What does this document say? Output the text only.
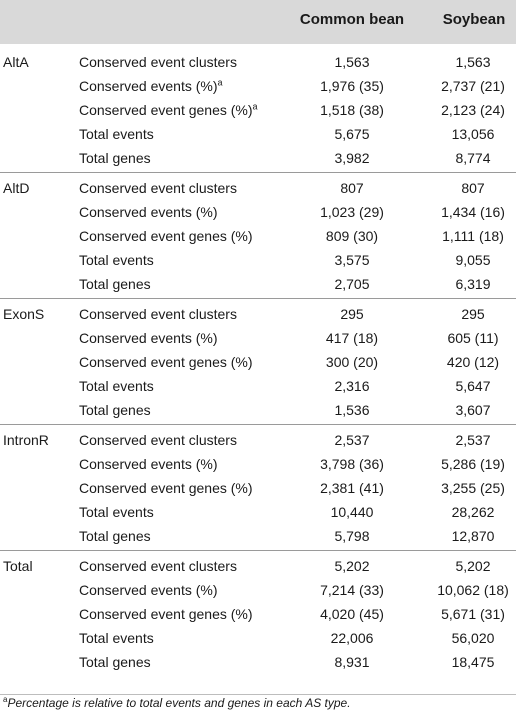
Common bean	Soybean
AltA	Conserved event clusters	1,563	1,563
Conserved events (%)$^a$	1,976 (35)	2,737 (21)
Conserved event genes (%)$^a$	1,518 (38)	2,123 (24)
Total events	5,675	13,056
Total genes	3,982	8,774
AltD	Conserved event clusters	807	807
Conserved events (%)	1,023 (29)	1,434 (16)
Conserved event genes (%)	809 (30)	1,111 (18)
Total events	3,575	9,055
Total genes	2,705	6,319
ExonS Conserved event clusters	295	295
Conserved events (%)	417 (18)	605 (11)
Conserved event genes (%)	300 (20)	420 (12)
Total events	2,316	5,647
Total genes	1,536	3,607
IntronR Conserved event clusters	2,537	2,537
Conserved events (%)	3,798 (36)	5,286 (19)
Conserved event genes (%)	2,381 (41)	3,255 (25)
Total events	10,440	28,262
Total genes	5,798	12,870
Total	Conserved event clusters	5,202	5,202
Conserved events (%)	7,214 (33)	10,062 (18)
Conserved event genes (%)	4,020 (45)	5,671 (31)
Total events	22,006	56,020
Total genes	8,931	18,475
$^a$Percentage is relative to total events and genes in each AS type.
